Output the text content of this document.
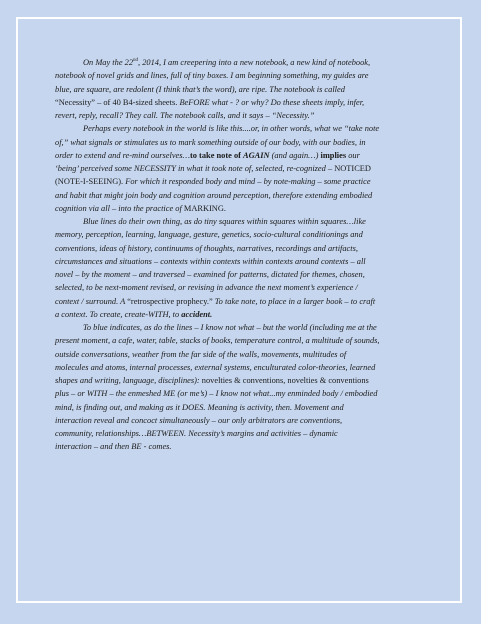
On May the 22nd, 2014, I am creepering into a new notebook, a new kind of notebook,
notebook of novel grids and lines, full of tiny boxes. I am beginning something, my guides are
blue, are square, are redolent (I think that’s the word), are ripe. The notebook is called
“Necessity” – of 40 B4-sized sheets. BeFORE what - ? or why? Do these sheets imply, infer,
revert, reply, recall? They call. The notebook calls, and it says – “Necessity.”
Perhaps every notebook in the world is like this....or, in other words, what we “take note
of,” what signals or stimulates us to mark something outside of our body, with our bodies, in
order to extend and re-mind ourselves…to take note of AGAIN (and again…) implies our
‘being’ perceived some NECESSITY in what it took note of, selected, re-cognized – NOTICED
(NOTE-I-SEEING). For which it responded body and mind – by note-making – some practice
and habit that might join body and cognition around perception, therefore extending embodied
cognition via all – into the practice of MARKING.
Blue lines do their own thing, as do tiny squares within squares within squares…like
memory, perception, learning, language, gesture, genetics, socio-cultural conditionings and
conventions, ideas of history, continuums of thoughts, narratives, recordings and artifacts,
circumstances and situations – contexts within contexts within contexts around contexts – all
novel – by the moment – and traversed – examined for patterns, dictated for themes, chosen,
selected, to be next-moment revised, or revising in advance the next moment’s experience /
context / surround. A “retrospective prophecy.” To take note, to place in a larger book – to craft
a context. To create, create-WITH, to accident.
To blue indicates, as do the lines – I know not what – but the world (including me at the
present moment, a cafe, water, table, stacks of books, temperature control, a multitude of sounds,
outside conversations, weather from the far side of the walls, movements, multitudes of
molecules and atoms, internal processes, external systems, enculturated color-theories, learned
shapes and writing, language, disciplines): novelties & conventions, novelties & conventions
plus – or WITH – the enmeshed ME (or me’s) – I know not what...my enminded body / embodied
mind, is finding out, and making as it DOES. Meaning is activity, then. Movement and
interaction reveal and concoct simultaneously – our only arbitrators are conventions,
community, relationships…BETWEEN. Necessity’s margins and activities – dynamic
interaction – and then BE - comes.
